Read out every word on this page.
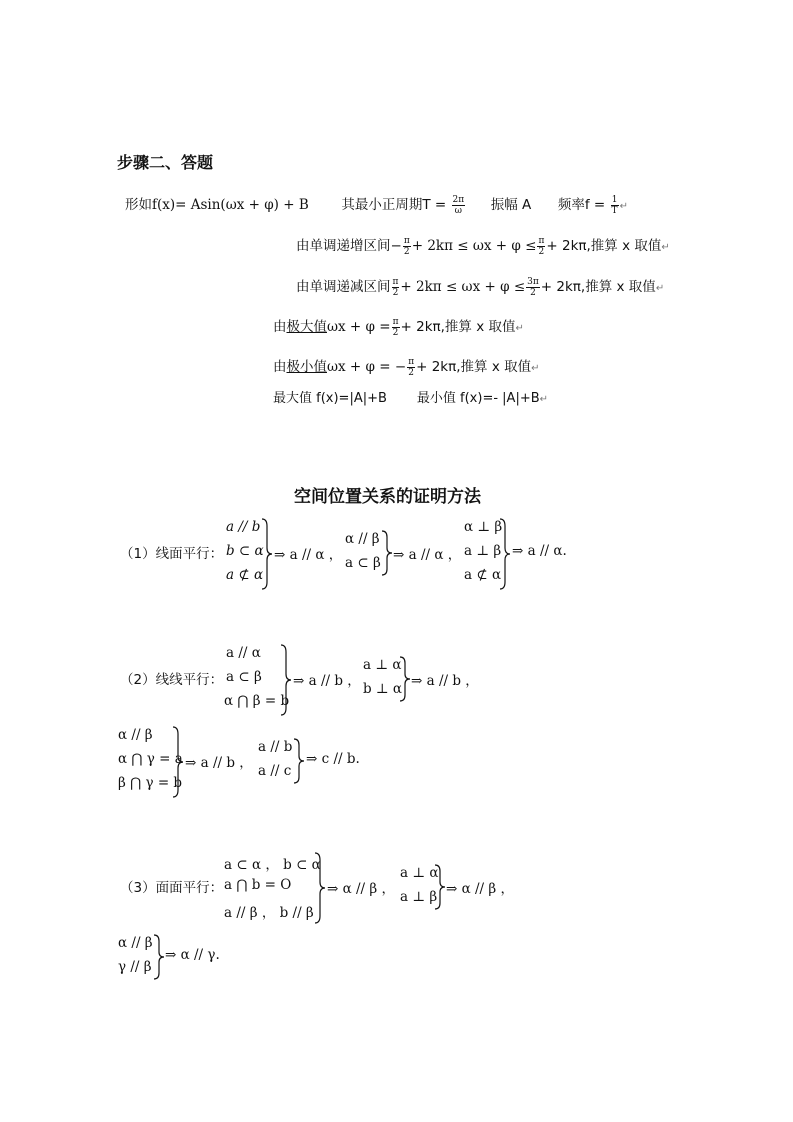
步骤二、答题
形如f(x)= Asin(ωx + φ) + B 其最小正周期$T = \frac{2\pi}{\omega}$ 振幅 A 频率$f = \frac{1}{T}$ ↵
由单调递增区间− $\frac{\pi}{2} + 2k\pi \le \omega x + \varphi \le \frac{\pi}{2} + 2k\pi$,推算 x 取值↵
由单调递减区间 $\frac{\pi}{2} + 2k\pi \le \omega x + \varphi \le \frac{3\pi}{2} + 2k\pi$,推算 x 取值↵
由极大值$\omega x + \varphi = \frac{\pi}{2} + 2k\pi$,推算 x 取值↵
由极小值ωx + φ = − $\frac{\pi}{2} + 2k\pi$,推算 x 取值↵
最大值 f(x)=|A|+B 最小值 f(x)=- |A|+B↵
空间位置关系的证明方法
（1）线面平行：
a // b
b ⊂ α
a ⊄ α
⇒ a // α ，
α // β
a ⊂ β ⇒ a // α ，
α ⊥ β
a ⊥ β
a ⊄ α
⇒ a // α.
（2）线线平行：
a // α
a ⊂ β
α ⋂ β = b
⇒ a // b ，
a ⊥ α
b ⊥ α ⇒ a // b ，
α // β
α ⋂ γ = a
β ⋂ γ = b
⇒ a // b ，
a // b
a // c
⇒ c // b.
（3）面面平行：
a ⊂ α ， b ⊂ α
a ⋂ b = O
a // β ， b // β
⇒ α // β ，
a ⊥ α
a ⊥ β ⇒ α // β ，
α // β
γ // β
⇒ α // γ.
